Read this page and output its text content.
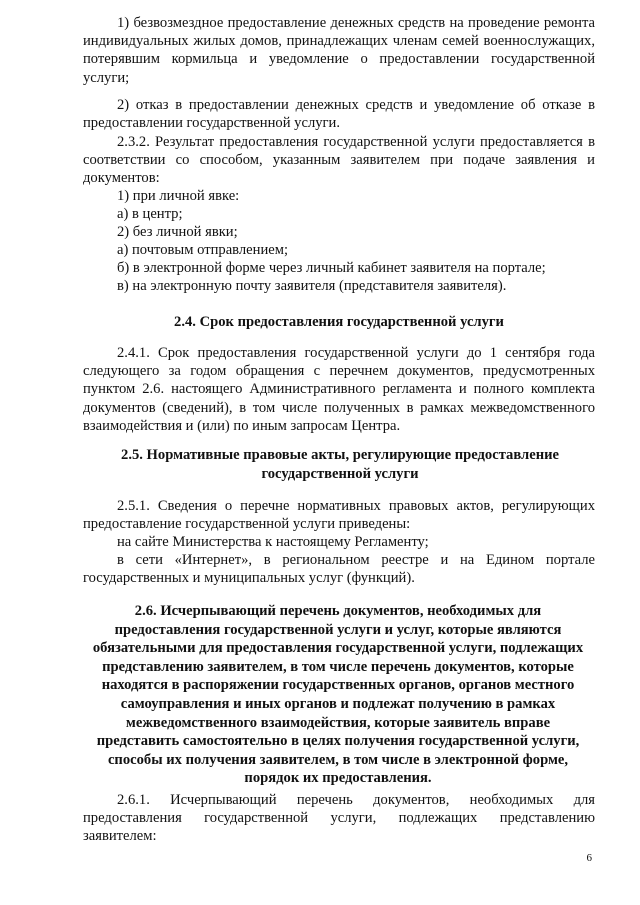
1) безвозмездное предоставление денежных средств на проведение ремонта индивидуальных жилых домов, принадлежащих членам семей военнослужащих, потерявшим кормильца и уведомление о предоставлении государственной услуги;

2) отказ в предоставлении денежных средств и уведомление об отказе в предоставлении государственной услуги.

2.3.2. Результат предоставления государственной услуги предоставляется в соответствии со способом, указанным заявителем при подаче заявления и документов:

1) при личной явке:

а) в центр;

2) без личной явки;

а) почтовым отправлением;

б) в электронной форме через личный кабинет заявителя на портале;

в) на электронную почту заявителя (представителя заявителя).

2.4. Срок предоставления государственной услуги

2.4.1. Срок предоставления государственной услуги до 1 сентября года следующего за годом обращения с перечнем документов, предусмотренных пунктом 2.6. настоящего Административного регламента и полного комплекта документов (сведений), в том числе полученных в рамках межведомственного взаимодействия и (или) по иным запросам Центра.

2.5. Нормативные правовые акты, регулирующие предоставление государственной услуги

2.5.1. Сведения о перечне нормативных правовых актов, регулирующих предоставление государственной услуги приведены:

на сайте Министерства к настоящему Регламенту;

в сети «Интернет», в региональном реестре и на Едином портале государственных и муниципальных услуг (функций).

2.6. Исчерпывающий перечень документов, необходимых для предоставления государственной услуги и услуг, которые являются обязательными для предоставления государственной услуги, подлежащих представлению заявителем, в том числе перечень документов, которые находятся в распоряжении государственных органов, органов местного самоуправления и иных органов и подлежат получению в рамках межведомственного взаимодействия, которые заявитель вправе представить самостоятельно в целях получения государственной услуги, способы их получения заявителем, в том числе в электронной форме, порядок их предоставления.

2.6.1. Исчерпывающий перечень документов, необходимых для предоставления государственной услуги, подлежащих представлению заявителем:

6
